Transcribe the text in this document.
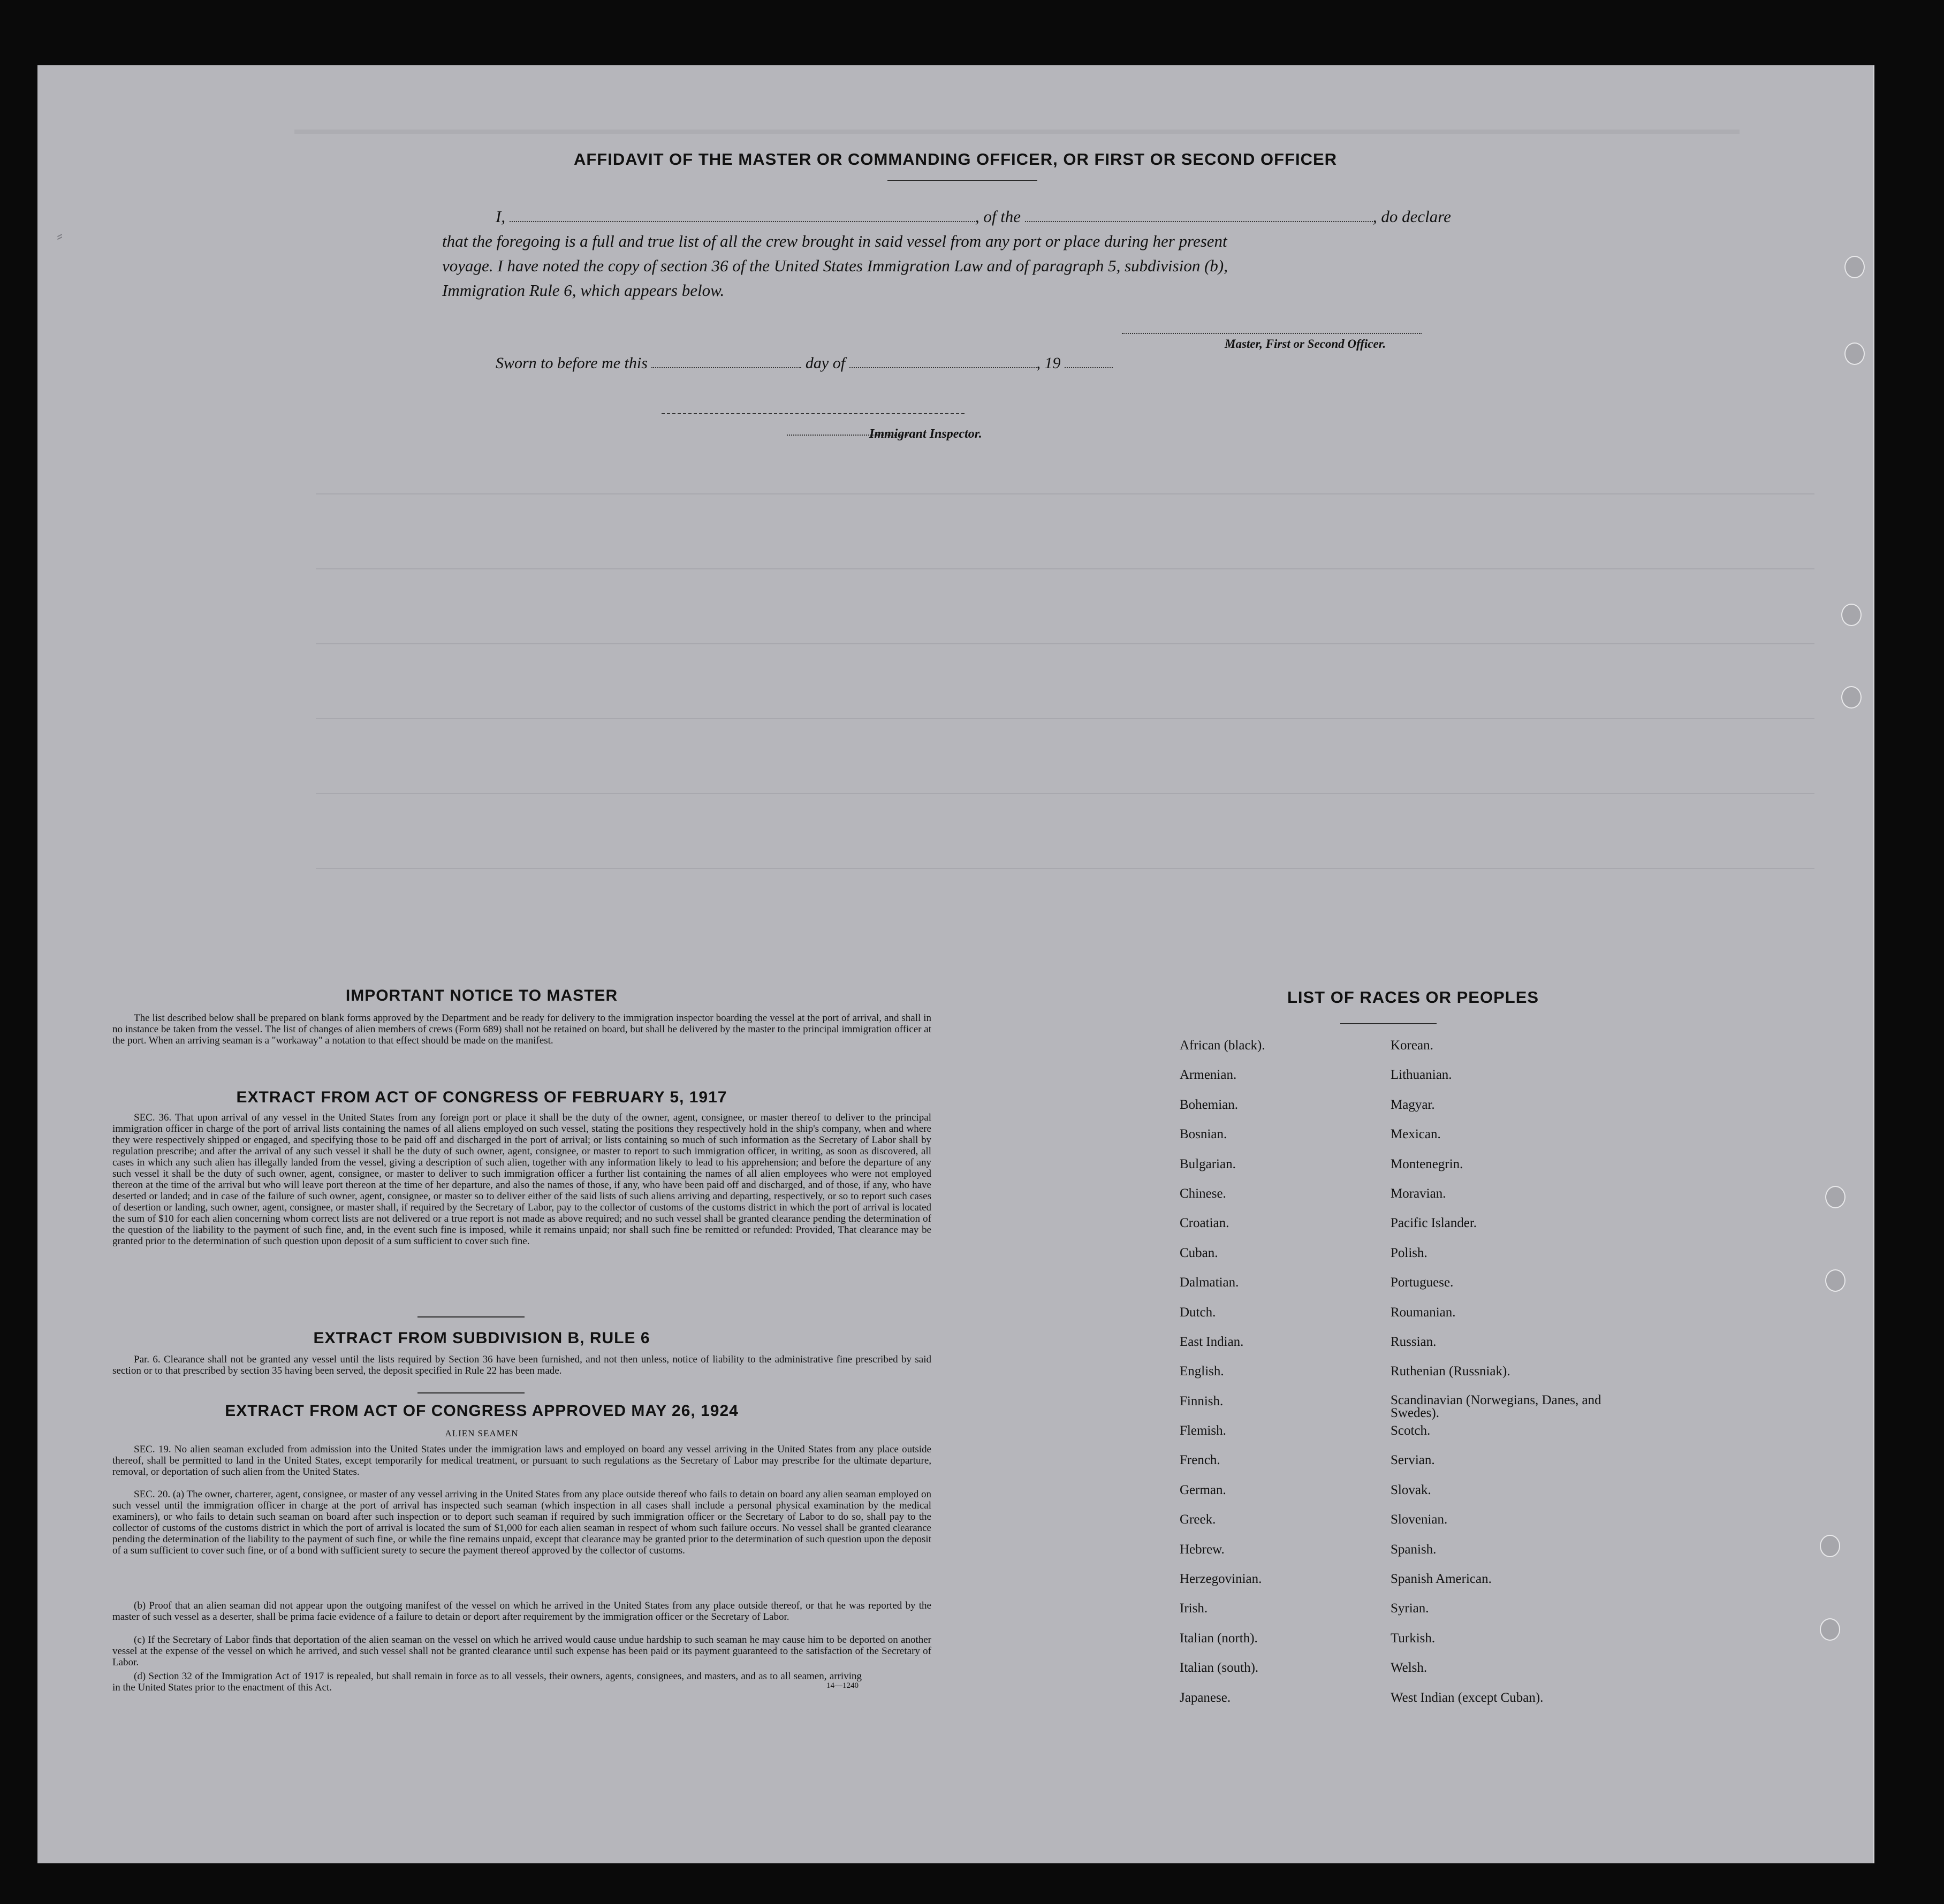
AFFIDAVIT OF THE MASTER OR COMMANDING OFFICER, OR FIRST OR SECOND OFFICER
I,	, of the	, do declare
that the foregoing is a full and true list of all the crew brought in said vessel from any port or place during her present
voyage. I have noted the copy of section 36 of the United States Immigration Law and of paragraph 5, subdivision (b),
Immigration Rule 6, which appears below.
Master, First or Second Officer.
Sworn to before me this	day of	, 19
Immigrant Inspector.
IMPORTANT NOTICE TO MASTER
The list described below shall be prepared on blank forms approved by the Department and be ready for delivery to the immigration inspector boarding the vessel at the port of arrival, and shall in no instance be taken from the vessel. The list of changes of alien members of crews (Form 689) shall not be retained on board, but shall be delivered by the master to the principal immigration officer at the port. When an arriving seaman is a "workaway" a notation to that effect should be made on the manifest.
EXTRACT FROM ACT OF CONGRESS OF FEBRUARY 5, 1917
SEC. 36. That upon arrival of any vessel in the United States from any foreign port or place it shall be the duty of the owner, agent, consignee, or master thereof to deliver to the principal immigration officer in charge of the port of arrival lists containing the names of all aliens employed on such vessel, stating the positions they respectively hold in the ship's company, when and where they were respectively shipped or engaged, and specifying those to be paid off and discharged in the port of arrival; or lists containing so much of such information as the Secretary of Labor shall by regulation prescribe; and after the arrival of any such vessel it shall be the duty of such owner, agent, consignee, or master to report to such immigration officer, in writing, as soon as discovered, all cases in which any such alien has illegally landed from the vessel, giving a description of such alien, together with any information likely to lead to his apprehension; and before the departure of any such vessel it shall be the duty of such owner, agent, consignee, or master to deliver to such immigration officer a further list containing the names of all alien employees who were not employed thereon at the time of the arrival but who will leave port thereon at the time of her departure, and also the names of those, if any, who have been paid off and discharged, and of those, if any, who have deserted or landed; and in case of the failure of such owner, agent, consignee, or master so to deliver either of the said lists of such aliens arriving and departing, respectively, or so to report such cases of desertion or landing, such owner, agent, consignee, or master shall, if required by the Secretary of Labor, pay to the collector of customs of the customs district in which the port of arrival is located the sum of $10 for each alien concerning whom correct lists are not delivered or a true report is not made as above required; and no such vessel shall be granted clearance pending the determination of the question of the liability to the payment of such fine, and, in the event such fine is imposed, while it remains unpaid; nor shall such fine be remitted or refunded: Provided, That clearance may be granted prior to the determination of such question upon deposit of a sum sufficient to cover such fine.
EXTRACT FROM SUBDIVISION B, RULE 6
Par. 6. Clearance shall not be granted any vessel until the lists required by Section 36 have been furnished, and not then unless, notice of liability to the administrative fine prescribed by said section or to that prescribed by section 35 having been served, the deposit specified in Rule 22 has been made.
EXTRACT FROM ACT OF CONGRESS APPROVED MAY 26, 1924
ALIEN SEAMEN
SEC. 19. No alien seaman excluded from admission into the United States under the immigration laws and employed on board any vessel arriving in the United States from any place outside thereof, shall be permitted to land in the United States, except temporarily for medical treatment, or pursuant to such regulations as the Secretary of Labor may prescribe for the ultimate departure, removal, or deportation of such alien from the United States.
SEC. 20. (a) The owner, charterer, agent, consignee, or master of any vessel arriving in the United States from any place outside thereof who fails to detain on board any alien seaman employed on such vessel until the immigration officer in charge at the port of arrival has inspected such seaman (which inspection in all cases shall include a personal physical examination by the medical examiners), or who fails to detain such seaman on board after such inspection or to deport such seaman if required by such immigration officer or the Secretary of Labor to do so, shall pay to the collector of customs of the customs district in which the port of arrival is located the sum of $1,000 for each alien seaman in respect of whom such failure occurs. No vessel shall be granted clearance pending the determination of the liability to the payment of such fine, or while the fine remains unpaid, except that clearance may be granted prior to the determination of such question upon the deposit of a sum sufficient to cover such fine, or of a bond with sufficient surety to secure the payment thereof approved by the collector of customs.
(b) Proof that an alien seaman did not appear upon the outgoing manifest of the vessel on which he arrived in the United States from any place outside thereof, or that he was reported by the master of such vessel as a deserter, shall be prima facie evidence of a failure to detain or deport after requirement by the immigration officer or the Secretary of Labor.
(c) If the Secretary of Labor finds that deportation of the alien seaman on the vessel on which he arrived would cause undue hardship to such seaman he may cause him to be deported on another vessel at the expense of the vessel on which he arrived, and such vessel shall not be granted clearance until such expense has been paid or its payment guaranteed to the satisfaction of the Secretary of Labor.
(d) Section 32 of the Immigration Act of 1917 is repealed, but shall remain in force as to all vessels, their owners, agents, consignees, and masters, and as to all seamen, arriving in the United States prior to the enactment of this Act.	14—1240
LIST OF RACES OR PEOPLES
African (black).
Armenian.
Bohemian.
Bosnian.
Bulgarian.
Chinese.
Croatian.
Cuban.
Dalmatian.
Dutch.
East Indian.
English.
Finnish.
Flemish.
French.
German.
Greek.
Hebrew.
Herzegovinian.
Irish.
Italian (north).
Italian (south).
Japanese.
Korean.
Lithuanian.
Magyar.
Mexican.
Montenegrin.
Moravian.
Pacific Islander.
Polish.
Portuguese.
Roumanian.
Russian.
Ruthenian (Russniak).
Scandinavian (Norwegians, Danes, and Swedes).
Scotch.
Servian.
Slovak.
Slovenian.
Spanish.
Spanish American.
Syrian.
Turkish.
Welsh.
West Indian (except Cuban).
⸗
